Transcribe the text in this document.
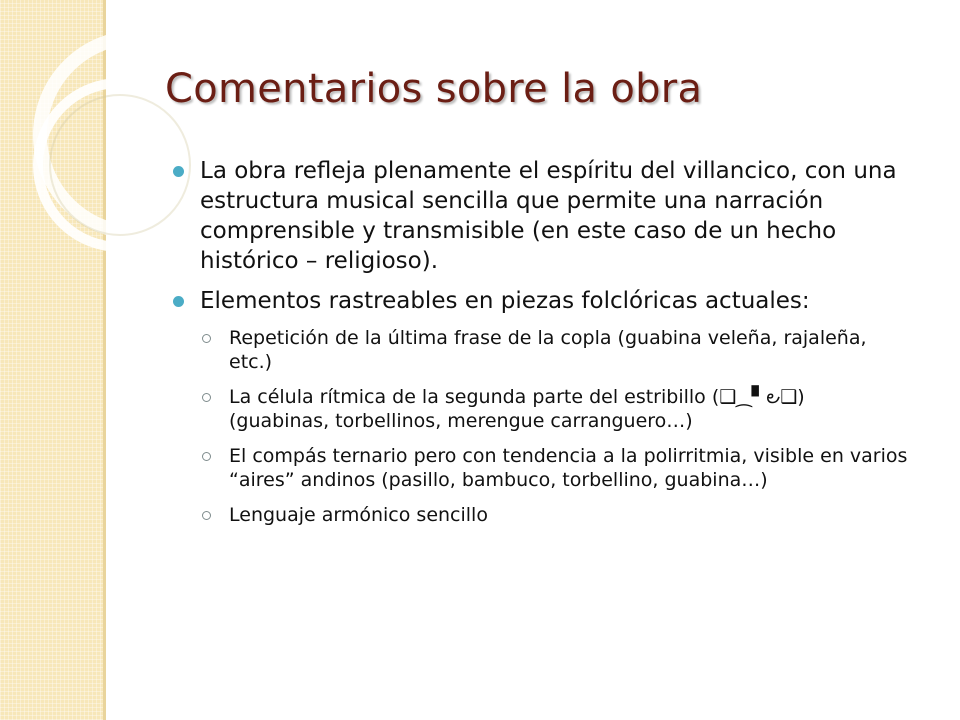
Comentarios sobre la obra
La obra refleja plenamente el espíritu del villancico, con una estructura musical sencilla que permite una narración comprensible y transmisible (en este caso de un hecho histórico – religioso).
Elementos rastreables en piezas folclóricas actuales:
Repetición de la última frase de la copla (guabina veleña, rajaleña, etc.)
La célula rítmica de la segunda parte del estribillo (❑⁔▘౿❑) (guabinas, torbellinos, merengue carranguero…)
El compás ternario pero con tendencia a la polirritmia, visible en varios “aires” andinos (pasillo, bambuco, torbellino, guabina…)
Lenguaje armónico sencillo
